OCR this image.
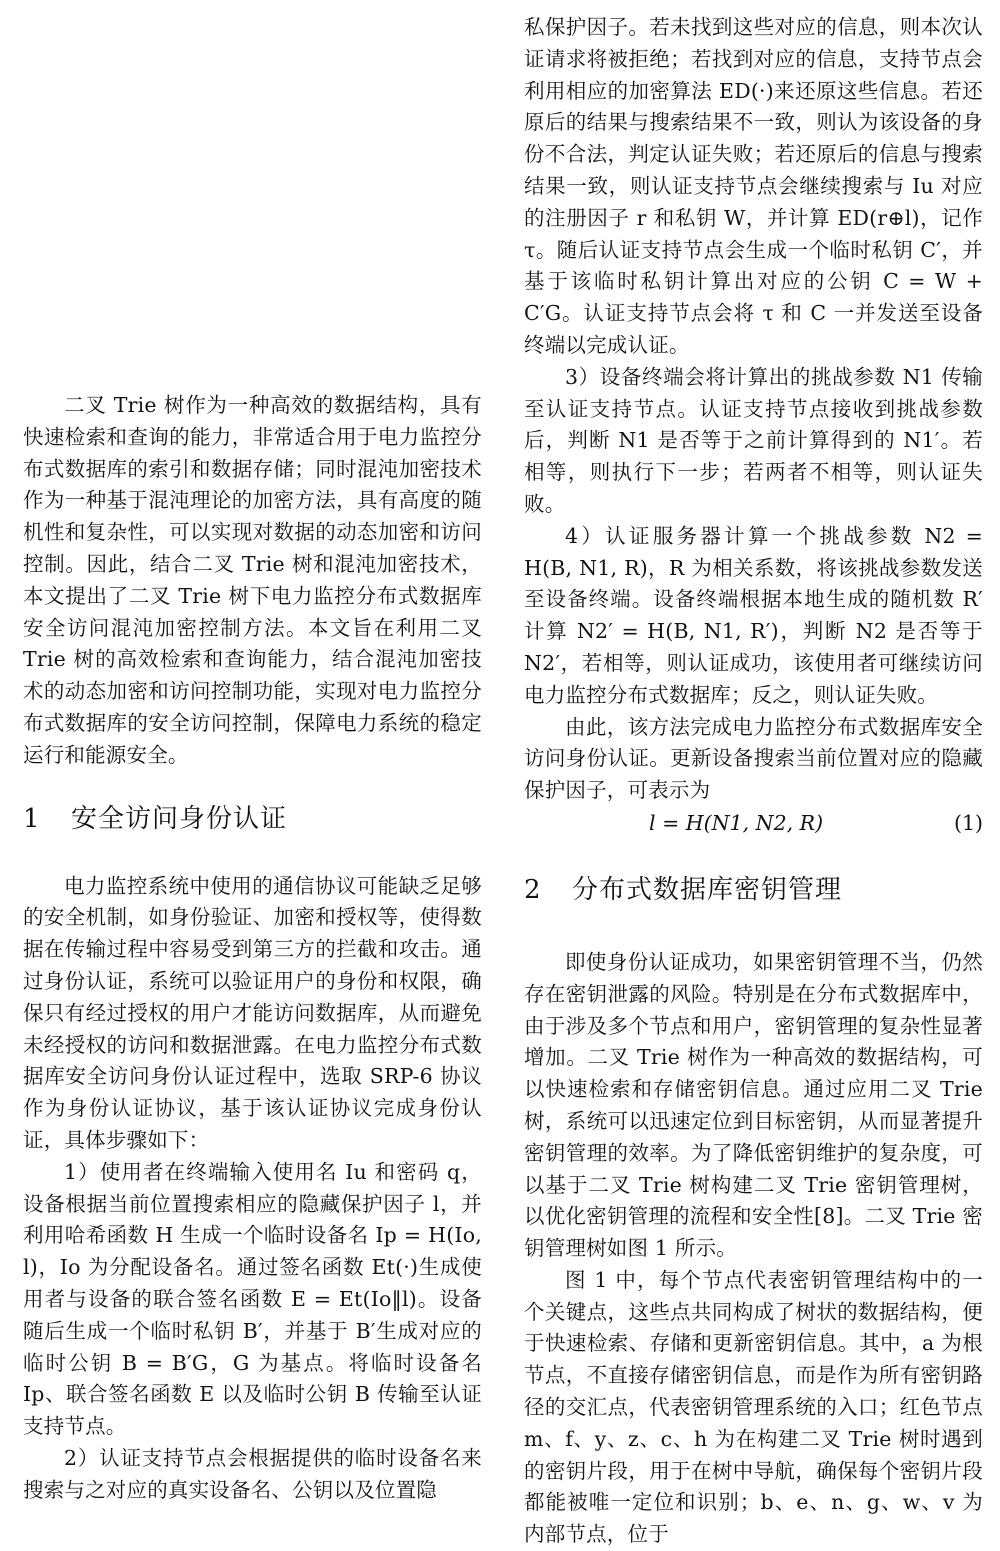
二叉 Trie 树作为一种高效的数据结构，具有快速检索和查询的能力，非常适合用于电力监控分布式数据库的索引和数据存储；同时混沌加密技术作为一种基于混沌理论的加密方法，具有高度的随机性和复杂性，可以实现对数据的动态加密和访问控制。因此，结合二叉 Trie 树和混沌加密技术，本文提出了二叉 Trie 树下电力监控分布式数据库安全访问混沌加密控制方法。本文旨在利用二叉 Trie 树的高效检索和查询能力，结合混沌加密技术的动态加密和访问控制功能，实现对电力监控分布式数据库的安全访问控制，保障电力系统的稳定运行和能源安全。

1 安全访问身份认证

电力监控系统中使用的通信协议可能缺乏足够的安全机制，如身份验证、加密和授权等，使得数据在传输过程中容易受到第三方的拦截和攻击。通过身份认证，系统可以验证用户的身份和权限，确保只有经过授权的用户才能访问数据库，从而避免未经授权的访问和数据泄露。在电力监控分布式数据库安全访问身份认证过程中，选取 SRP-6 协议作为身份认证协议，基于该认证协议完成身份认证，具体步骤如下：

1）使用者在终端输入使用名 Iu 和密码 q，设备根据当前位置搜索相应的隐藏保护因子 l，并利用哈希函数 H 生成一个临时设备名 Ip = H(Io, l)，Io 为分配设备名。通过签名函数 Et(·)生成使用者与设备的联合签名函数 E = Et(Io‖l)。设备随后生成一个临时私钥 B′，并基于 B′生成对应的临时公钥 B = B′G，G 为基点。将临时设备名 Ip、联合签名函数 E 以及临时公钥 B 传输至认证支持节点。

2）认证支持节点会根据提供的临时设备名来搜索与之对应的真实设备名、公钥以及位置隐

私保护因子。若未找到这些对应的信息，则本次认证请求将被拒绝；若找到对应的信息，支持节点会利用相应的加密算法 ED(·)来还原这些信息。若还原后的结果与搜索结果不一致，则认为该设备的身份不合法，判定认证失败；若还原后的信息与搜索结果一致，则认证支持节点会继续搜索与 Iu 对应的注册因子 r 和私钥 W，并计算 ED(r⊕l)，记作 τ。随后认证支持节点会生成一个临时私钥 C′，并基于该临时私钥计算出对应的公钥 C = W + C′G。认证支持节点会将 τ 和 C 一并发送至设备终端以完成认证。

3）设备终端会将计算出的挑战参数 N1 传输至认证支持节点。认证支持节点接收到挑战参数后，判断 N1 是否等于之前计算得到的 N1′。若相等，则执行下一步；若两者不相等，则认证失败。

4）认证服务器计算一个挑战参数 N2 = H(B, N1, R)，R 为相关系数，将该挑战参数发送至设备终端。设备终端根据本地生成的随机数 R′计算 N2′ = H(B, N1, R′)，判断 N2 是否等于 N2′，若相等，则认证成功，该使用者可继续访问电力监控分布式数据库；反之，则认证失败。

由此，该方法完成电力监控分布式数据库安全访问身份认证。更新设备搜索当前位置对应的隐藏保护因子，可表示为

l = H(N1, N2, R)	(1)
2 分布式数据库密钥管理

即使身份认证成功，如果密钥管理不当，仍然存在密钥泄露的风险。特别是在分布式数据库中，由于涉及多个节点和用户，密钥管理的复杂性显著增加。二叉 Trie 树作为一种高效的数据结构，可以快速检索和存储密钥信息。通过应用二叉 Trie 树，系统可以迅速定位到目标密钥，从而显著提升密钥管理的效率。为了降低密钥维护的复杂度，可以基于二叉 Trie 树构建二叉 Trie 密钥管理树，以优化密钥管理的流程和安全性[8]。二叉 Trie 密钥管理树如图 1 所示。

图 1 中，每个节点代表密钥管理结构中的一个关键点，这些点共同构成了树状的数据结构，便于快速检索、存储和更新密钥信息。其中，a 为根节点，不直接存储密钥信息，而是作为所有密钥路径的交汇点，代表密钥管理系统的入口；红色节点 m、f、y、z、c、h 为在构建二叉 Trie 树时遇到的密钥片段，用于在树中导航，确保每个密钥片段都能被唯一定位和识别；b、e、n、g、w、v 为内部节点，位于
